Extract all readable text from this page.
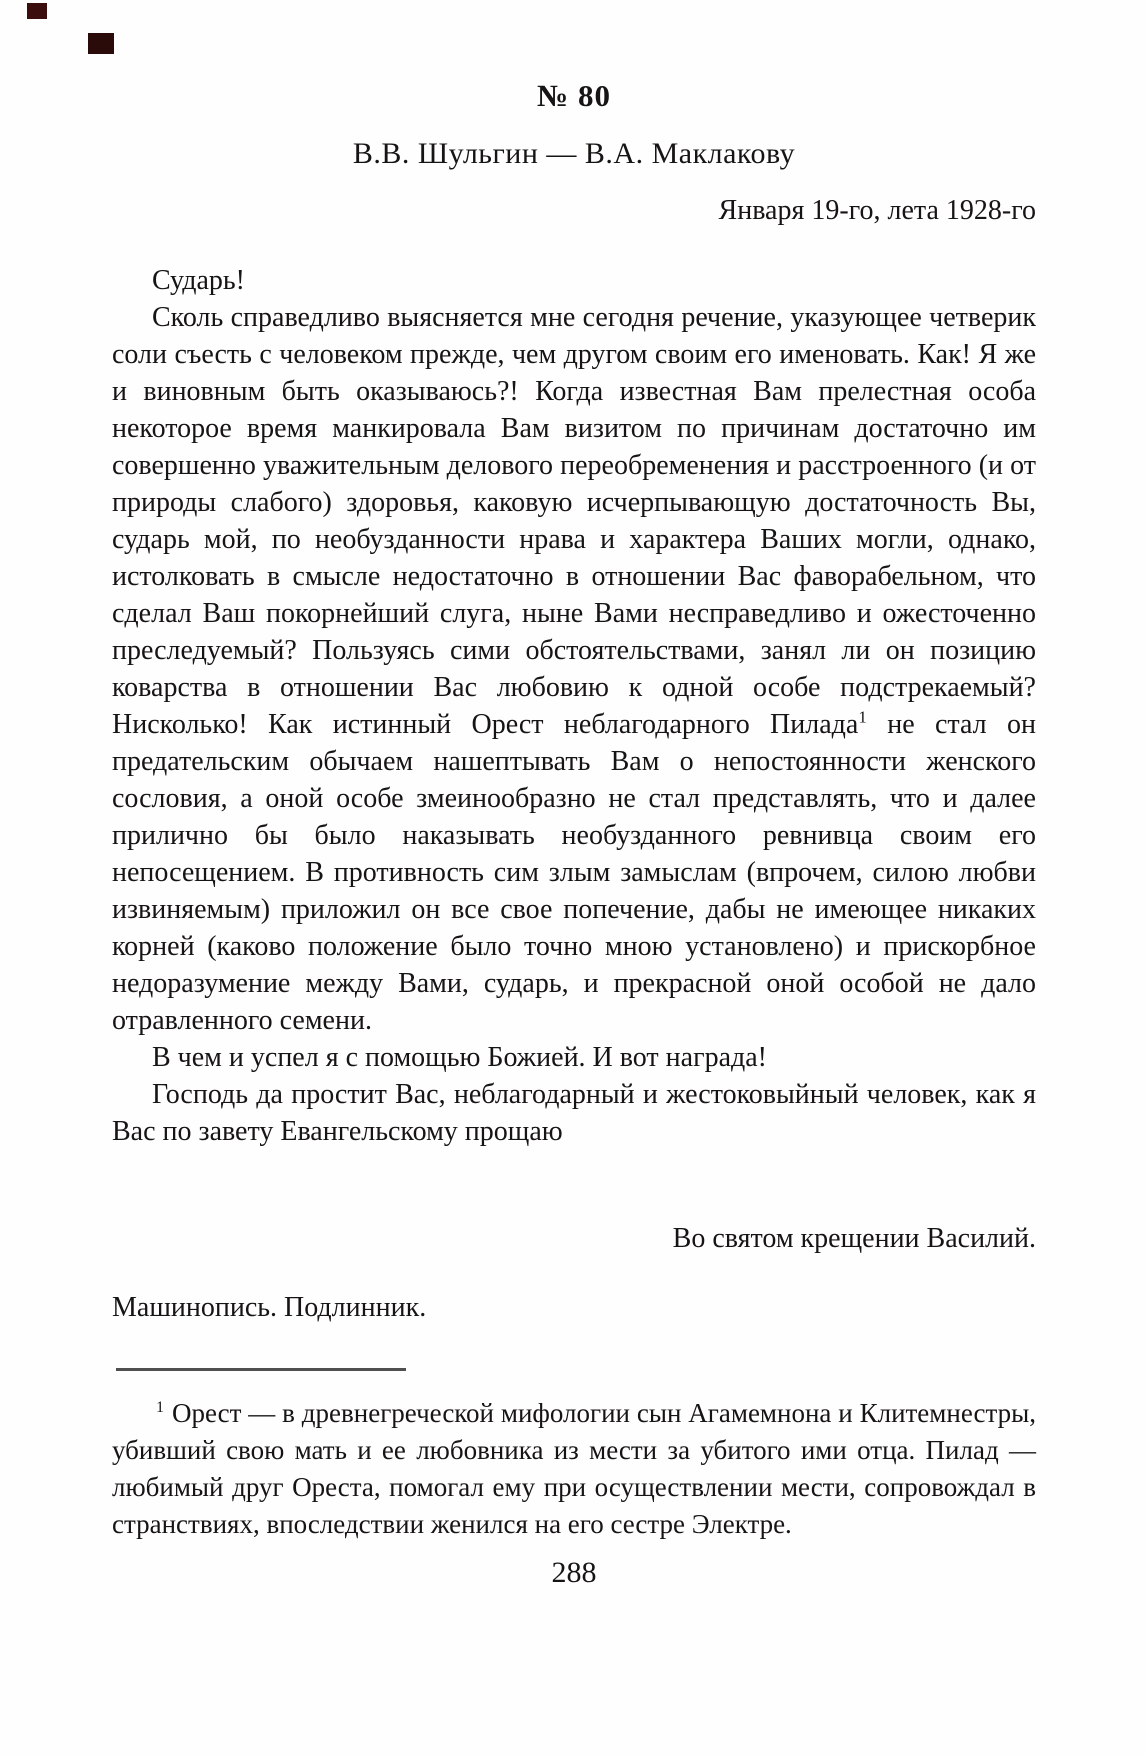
№ 80
В.В. Шульгин — В.А. Маклакову
Января 19-го, лета 1928-го

Сударь!

Сколь справедливо выясняется мне сегодня речение, указующее четверик соли съесть с человеком прежде, чем другом своим его именовать. Как! Я же и виновным быть оказываюсь?! Когда известная Вам прелестная особа некоторое время манкировала Вам визитом по причинам достаточно им совершенно уважительным делового переобременения и расстроенного (и от природы слабого) здоровья, каковую исчерпывающую достаточность Вы, сударь мой, по необузданности нрава и характера Ваших могли, однако, истолковать в смысле недостаточно в отношении Вас фаворабельном, что сделал Ваш покорнейший слуга, ныне Вами несправедливо и ожесточенно преследуемый? Пользуясь сими обстоятельствами, занял ли он позицию коварства в отношении Вас любовию к одной особе подстрекаемый? Нисколько! Как истинный Орест неблагодарного Пилада$^1$ не стал он предательским обычаем нашептывать Вам о непостоянности женского сословия, а оной особе змеинообразно не стал представлять, что и далее прилично бы было наказывать необузданного ревнивца своим его непосещением. В противность сим злым замыслам (впрочем, силою любви извиняемым) приложил он все свое попечение, дабы не имеющее никаких корней (каково положение было точно мною установлено) и прискорбное недоразумение между Вами, сударь, и прекрасной оной особой не дало отравленного семени.

В чем и успел я с помощью Божией. И вот награда!

Господь да простит Вас, неблагодарный и жестоковыйный человек, как я Вас по завету Евангельскому прощаю

Во святом крещении Василий.
Машинопись. Подлинник.

$^1$ Орест — в древнегреческой мифологии сын Агамемнона и Клитемнестры, убивший свою мать и ее любовника из мести за убитого ими отца. Пилад — любимый друг Ореста, помогал ему при осуществлении мести, сопровождал в странствиях, впоследствии женился на его сестре Электре.

288
